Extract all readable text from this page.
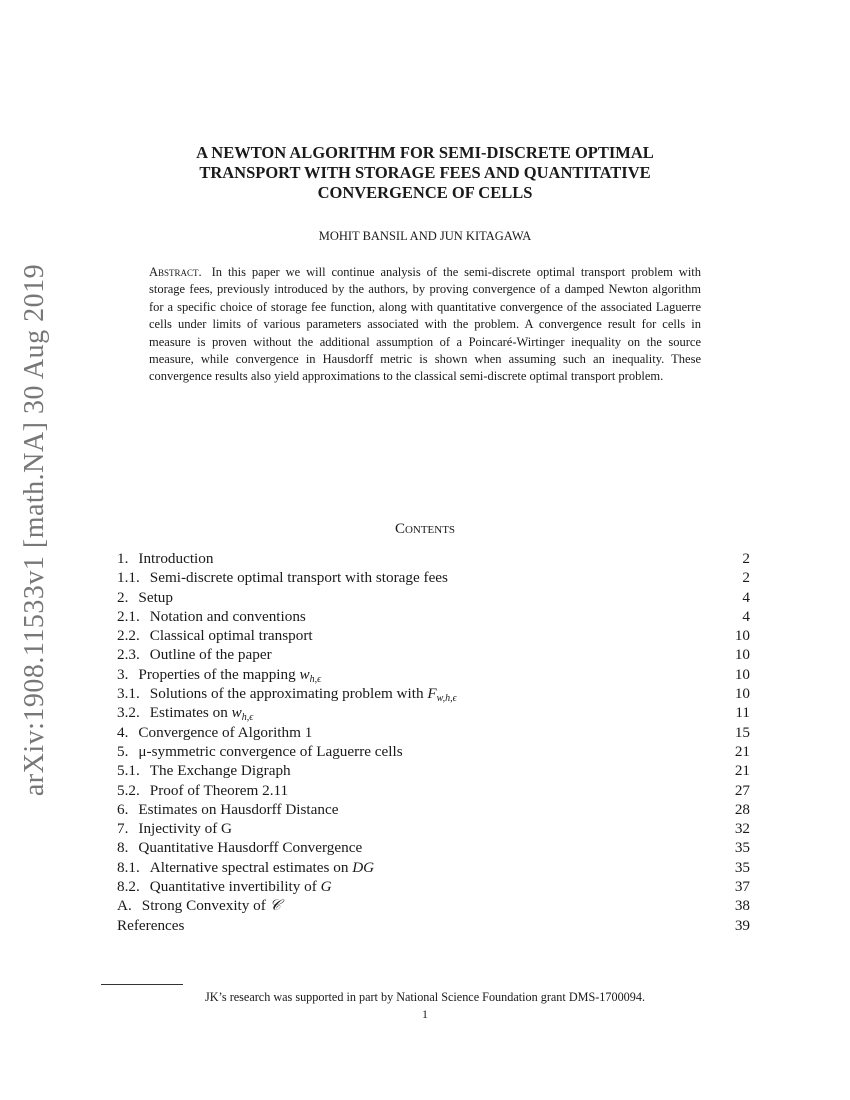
arXiv:1908.11533v1 [math.NA] 30 Aug 2019
A NEWTON ALGORITHM FOR SEMI-DISCRETE OPTIMAL
TRANSPORT WITH STORAGE FEES AND QUANTITATIVE
CONVERGENCE OF CELLS
MOHIT BANSIL AND JUN KITAGAWA
Abstract. In this paper we will continue analysis of the semi-discrete optimal transport problem with storage fees, previously introduced by the authors, by proving convergence of a damped Newton algorithm for a specific choice of storage fee function, along with quantitative convergence of the associated Laguerre cells under limits of various parameters associated with the problem. A convergence result for cells in measure is proven without the additional assumption of a Poincaré-Wirtinger inequality on the source measure, while convergence in Hausdorff metric is shown when assuming such an inequality. These convergence results also yield approximations to the classical semi-discrete optimal transport problem.
Contents
1. Introduction	2
1.1. Semi-discrete optimal transport with storage fees	2
2. Setup	4
2.1. Notation and conventions	4
2.2. Classical optimal transport	10
2.3. Outline of the paper	10
3. Properties of the mapping $w_{h,\epsilon}$	10
3.1. Solutions of the approximating problem with $F_{w,h,\epsilon}$	10
3.2. Estimates on $w_{h,\epsilon}$	11
4. Convergence of Algorithm 1	15
5. μ-symmetric convergence of Laguerre cells	21
5.1. The Exchange Digraph	21
5.2. Proof of Theorem 2.11	27
6. Estimates on Hausdorff Distance	28
7. Injectivity of G	32
8. Quantitative Hausdorff Convergence	35
8.1. Alternative spectral estimates on DG	35
8.2. Quantitative invertibility of G	37
A. Strong Convexity of 𝒞	38
References	39
JK’s research was supported in part by National Science Foundation grant DMS-1700094.
1
